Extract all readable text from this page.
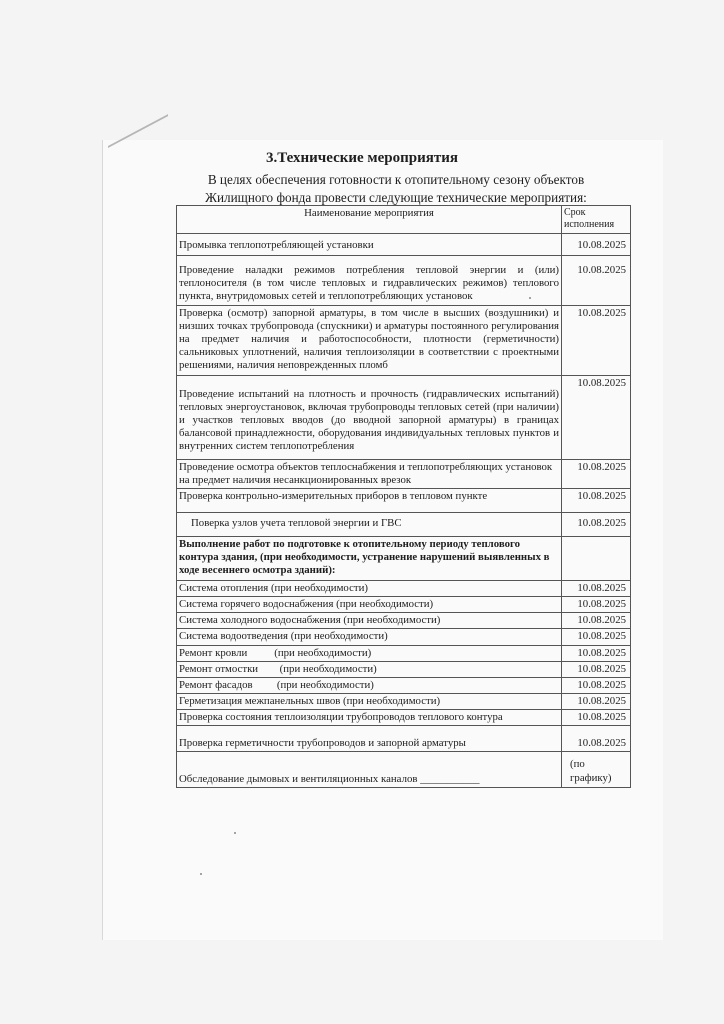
3.Технические мероприятия
В целях обеспечения готовности к отопительному сезону объектов
Жилищного фонда провести следующие технические мероприятия:
Наименование мероприятия	Срок исполнения
Промывка теплопотребляющей установки	10.08.2025
Проведение наладки режимов потребления тепловой энергии и (или) теплоносителя (в том числе тепловых и гидравлических режимов) теплового пункта, внутридомовых сетей и теплопотребляющих установок	10.08.2025
Проверка (осмотр) запорной арматуры, в том числе в высших (воздушники) и низших точках трубопровода (спускники) и арматуры постоянного регулирования на предмет наличия и работоспособности, плотности (герметичности) сальниковых уплотнений, наличия теплоизоляции в соответствии с проектными решениями, наличия неповрежденных пломб	10.08.2025
Проведение испытаний на плотность и прочность (гидравлических испытаний) тепловых энергоустановок, включая трубопроводы тепловых сетей (при наличии) и участков тепловых вводов (до вводной запорной арматуры) в границах балансовой принадлежности, оборудования индивидуальных тепловых пунктов и внутренних систем теплопотребления	10.08.2025
Проведение осмотра объектов теплоснабжения и теплопотребляющих установок на предмет наличия несанкционированных врезок	10.08.2025
Проверка контрольно-измерительных приборов в тепловом пункте	10.08.2025
Поверка узлов учета тепловой энергии и ГВС	10.08.2025
Выполнение работ по подготовке к отопительному периоду теплового контура здания, (при необходимости, устранение нарушений выявленных в ходе весеннего осмотра зданий):	
Система отопления (при необходимости)	10.08.2025
Система горячего водоснабжения (при необходимости)	10.08.2025
Система холодного водоснабжения (при необходимости)	10.08.2025
Система водоотведения (при необходимости)	10.08.2025
Ремонт кровли          (при необходимости)	10.08.2025
Ремонт отмостки        (при необходимости)	10.08.2025
Ремонт фасадов         (при необходимости)	10.08.2025
Герметизация межпанельных швов (при необходимости)	10.08.2025
Проверка состояния теплоизоляции трубопроводов теплового контура	10.08.2025
Проверка герметичности трубопроводов и запорной арматуры	10.08.2025
Обследование дымовых и вентиляционных каналов ___________	(по графику)
